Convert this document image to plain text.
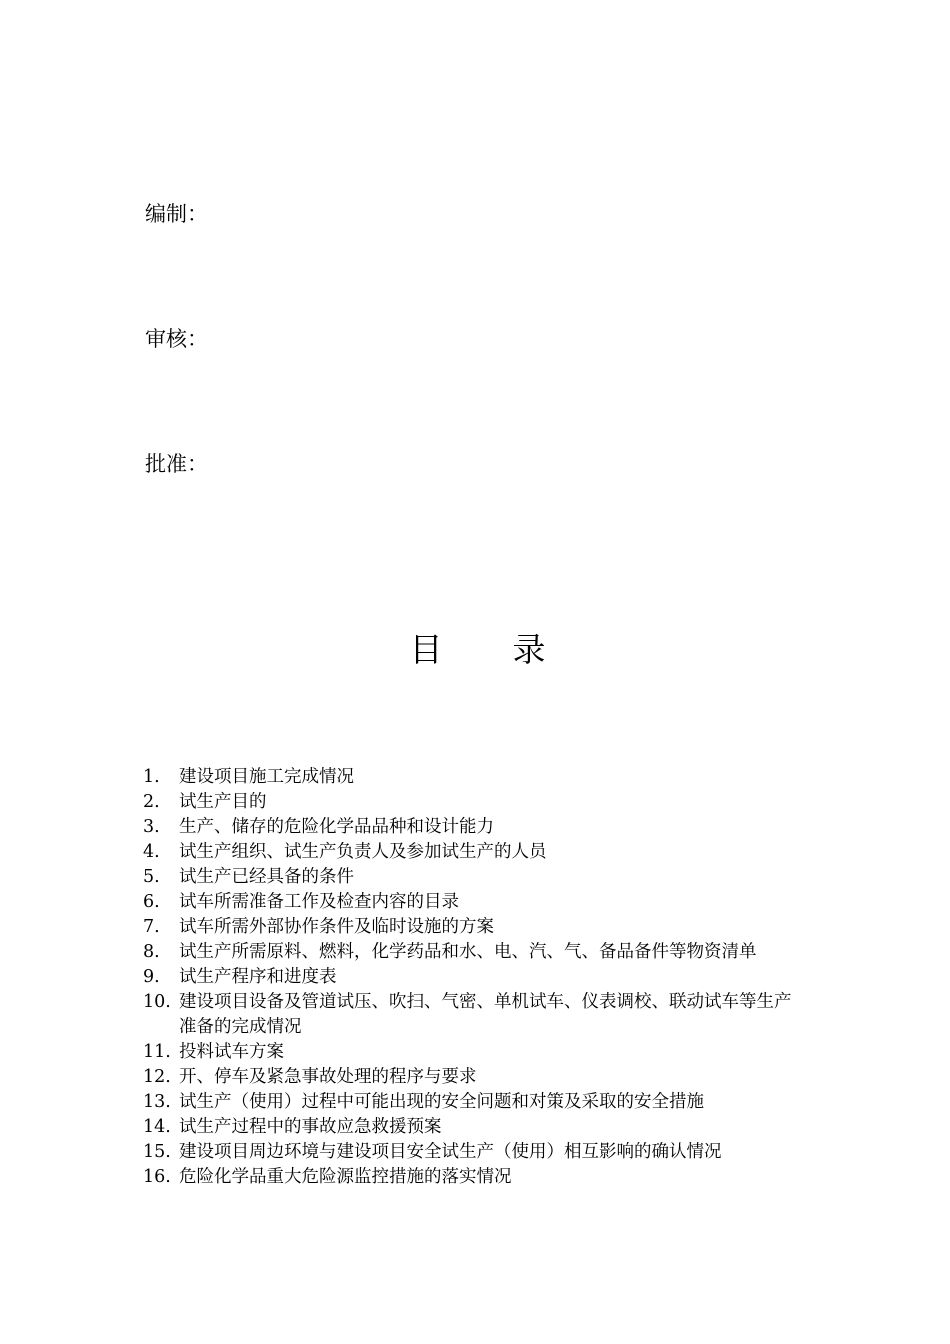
编制：
审核：
批准：
目 录
1.	建设项目施工完成情况
2.	试生产目的
3.	生产、储存的危险化学品品种和设计能力
4.	试生产组织、试生产负责人及参加试生产的人员
5.	试生产已经具备的条件
6.	试车所需准备工作及检查内容的目录
7.	试车所需外部协作条件及临时设施的方案
8.	试生产所需原料、燃料，化学药品和水、电、汽、气、备品备件等物资清单
9.	试生产程序和进度表
10. 建设项目设备及管道试压、吹扫、气密、单机试车、仪表调校、联动试车等生产准备的完成情况
11. 投料试车方案
12. 开、停车及紧急事故处理的程序与要求
13. 试生产（使用）过程中可能出现的安全问题和对策及采取的安全措施
14. 试生产过程中的事故应急救援预案
15. 建设项目周边环境与建设项目安全试生产（使用）相互影响的确认情况
16. 危险化学品重大危险源监控措施的落实情况
